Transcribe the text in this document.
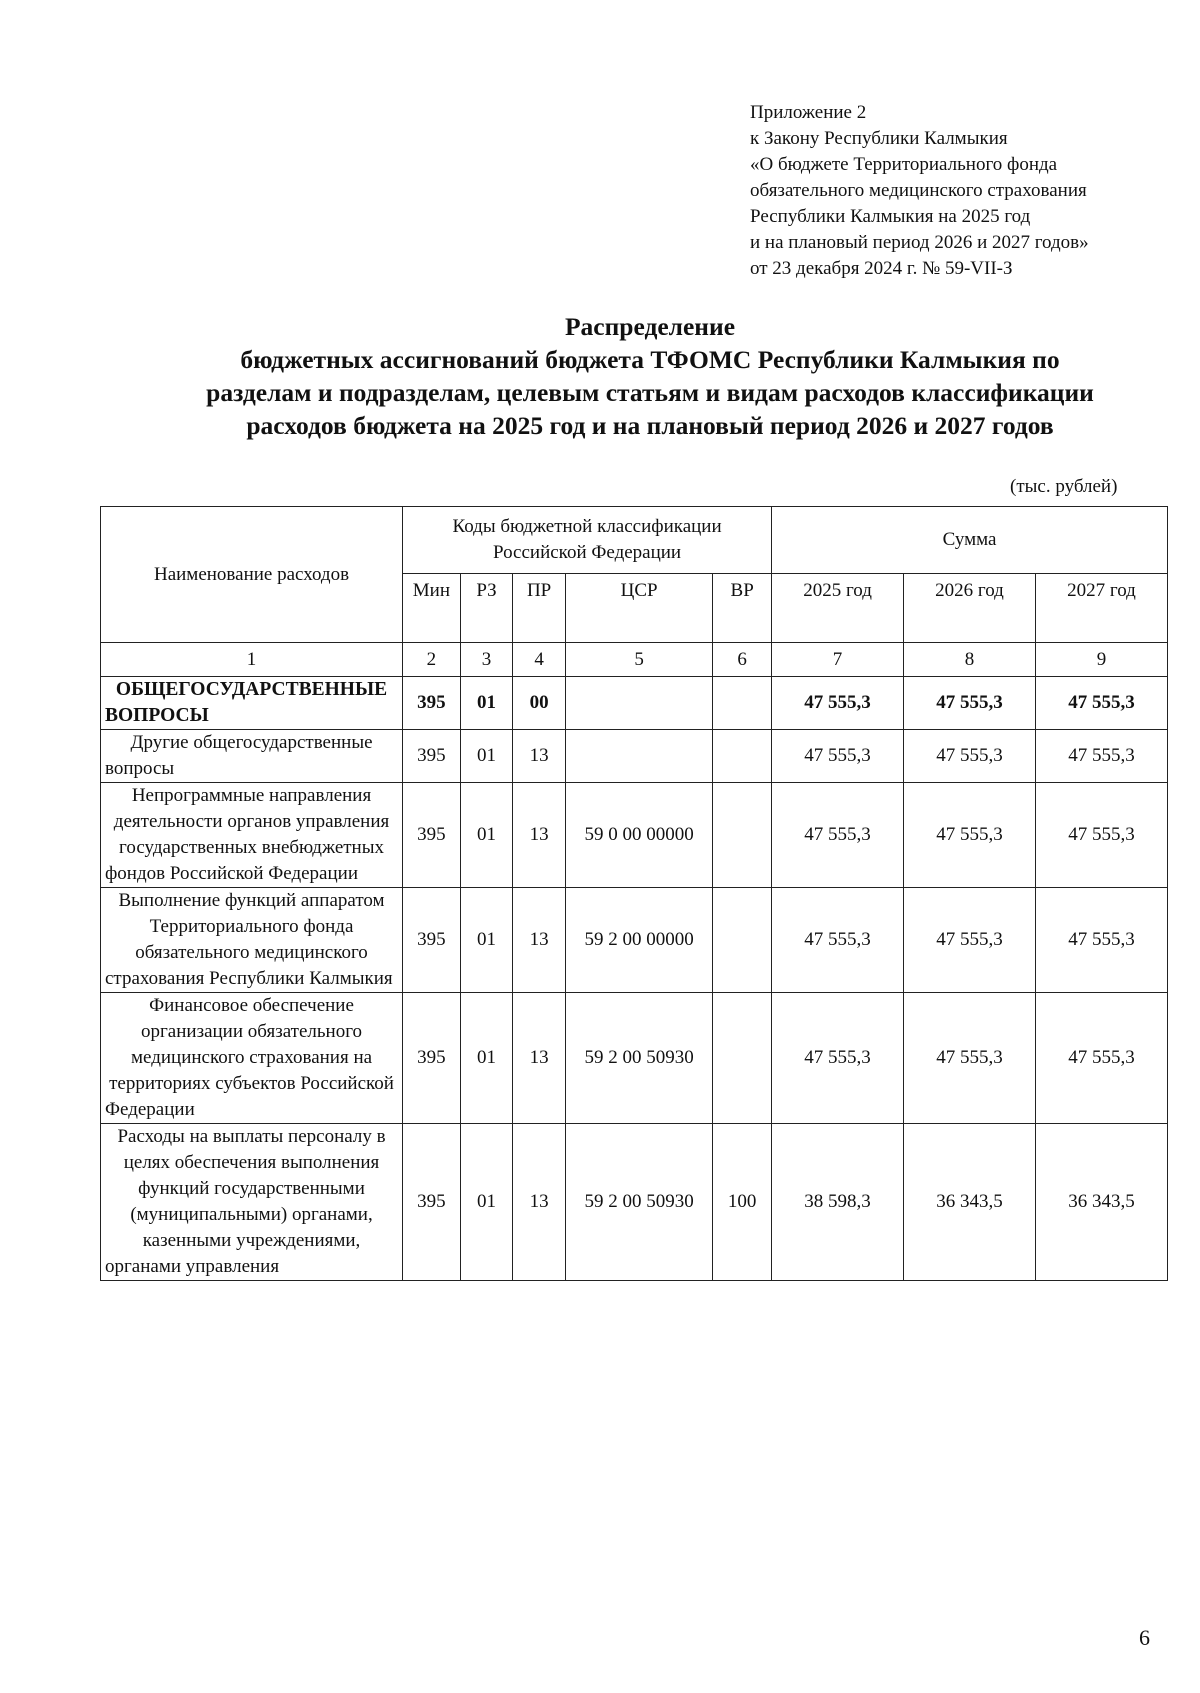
Приложение 2
к Закону Республики Калмыкия
«О бюджете Территориального фонда
обязательного медицинского страхования
Республики Калмыкия на 2025 год
и на плановый период 2026 и 2027 годов»
от 23 декабря 2024 г. № 59-VII-З
Распределение
бюджетных ассигнований бюджета ТФОМС Республики Калмыкия по
разделам и подразделам, целевым статьям и видам расходов классификации
расходов бюджета на 2025 год и на плановый период 2026 и 2027 годов
(тыс. рублей)
Наименование расходов	Коды бюджетной классификации Российской Федерации					Сумма		
	Мин	РЗ	ПР	ЦСР	ВР	2025 год	2026 год	2027 год
1	2	3	4	5	6	7	8	9
ОБЩЕГОСУДАРСТВЕННЫЕ ВОПРОСЫ	395	01	00			47 555,3	47 555,3	47 555,3
Другие общегосударственные вопросы	395	01	13			47 555,3	47 555,3	47 555,3
Непрограммные направления деятельности органов управления государственных внебюджетных фондов Российской Федерации	395	01	13	59 0 00 00000		47 555,3	47 555,3	47 555,3
Выполнение функций аппаратом Территориального фонда обязательного медицинского страхования Республики Калмыкия	395	01	13	59 2 00 00000		47 555,3	47 555,3	47 555,3
Финансовое обеспечение организации обязательного медицинского страхования на территориях субъектов Российской Федерации	395	01	13	59 2 00 50930		47 555,3	47 555,3	47 555,3
Расходы на выплаты персоналу в целях обеспечения выполнения функций государственными (муниципальными) органами, казенными учреждениями, органами управления	395	01	13	59 2 00 50930	100	38 598,3	36 343,5	36 343,5
6
